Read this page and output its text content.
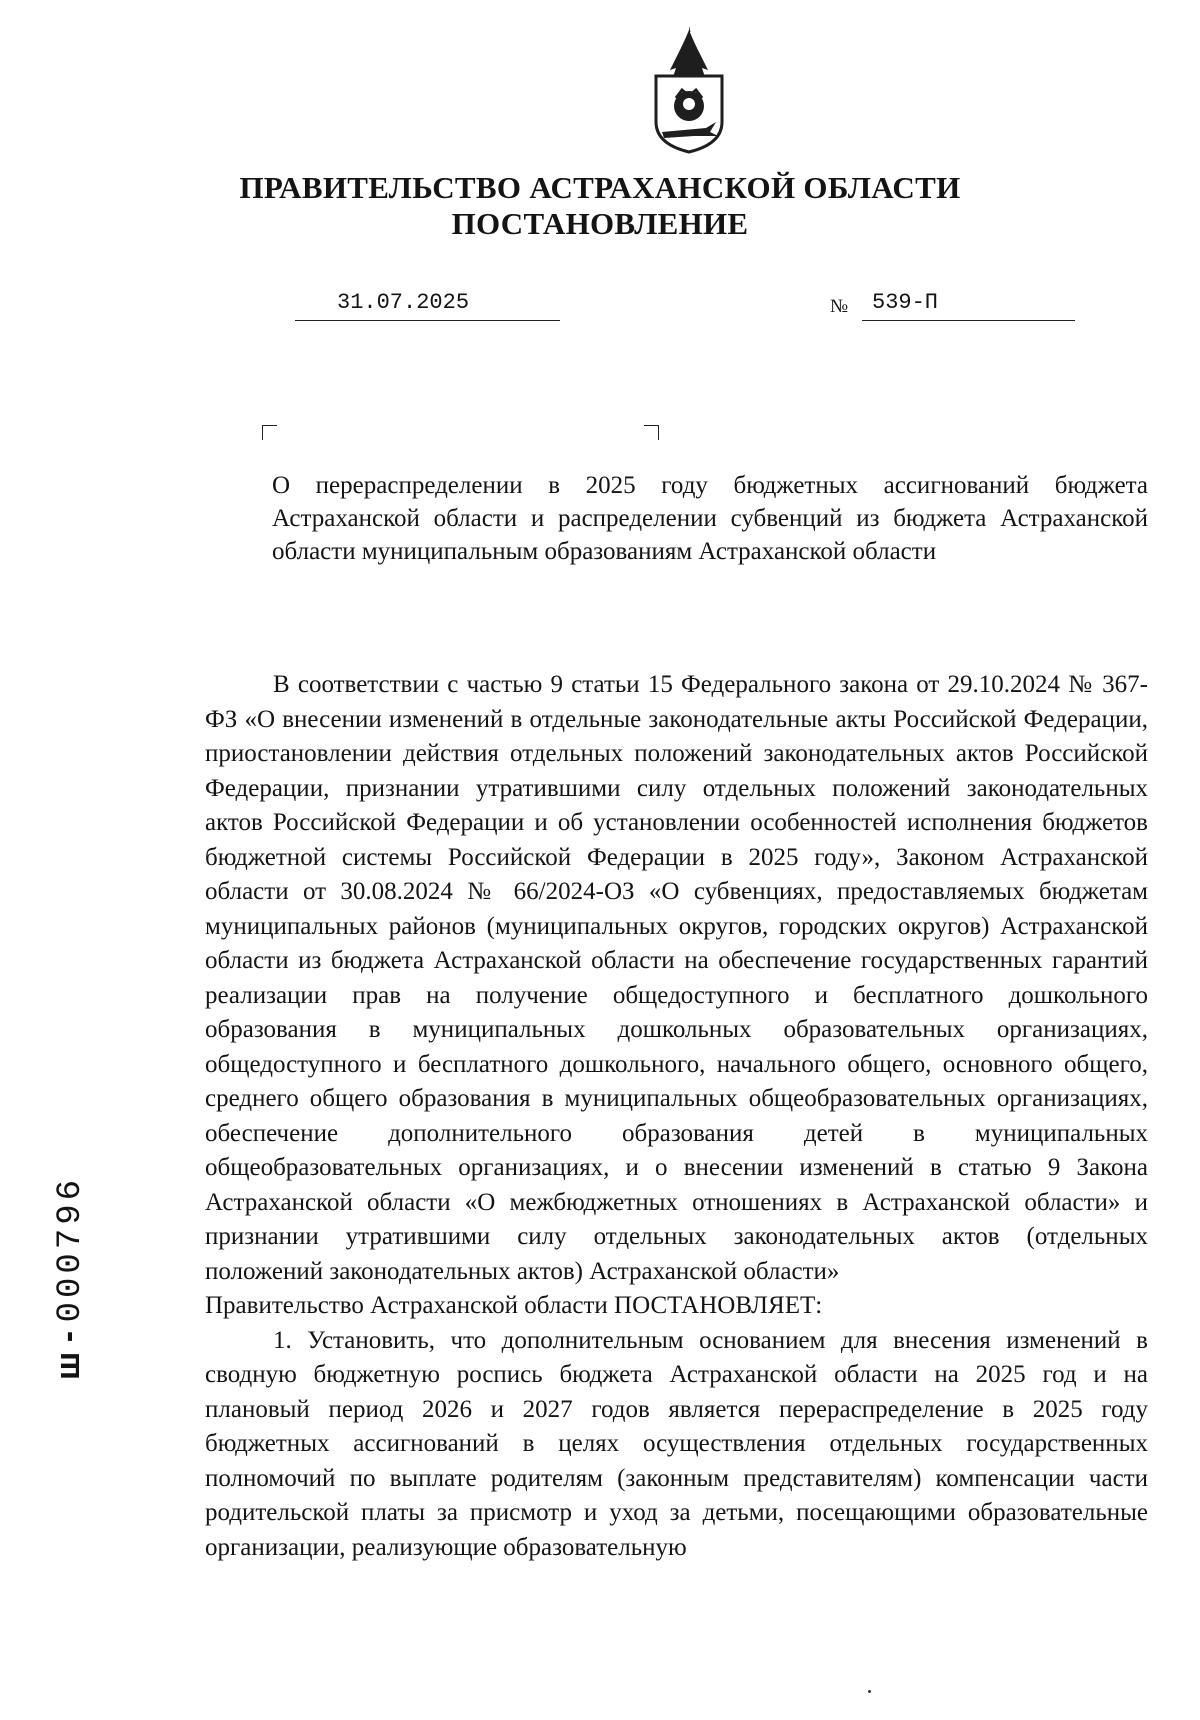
ПРАВИТЕЛЬСТВО АСТРАХАНСКОЙ ОБЛАСТИ
ПОСТАНОВЛЕНИЕ
31.07.2025	№ 539-П
О перераспределении в 2025 году бюджетных ассигнований бюджета Астраханской области и распределении субвенций из бюджета Астраханской области муниципальным образованиям Астраханской области

В соответствии с частью 9 статьи 15 Федерального закона от 29.10.2024 № 367-ФЗ «О внесении изменений в отдельные законодательные акты Российской Федерации, приостановлении действия отдельных положений законодательных актов Российской Федерации, признании утратившими силу отдельных положений законодательных актов Российской Федерации и об установлении особенностей исполнения бюджетов бюджетной системы Российской Федерации в 2025 году», Законом Астраханской области от 30.08.2024 № 66/2024-ОЗ «О субвенциях, предоставляемых бюджетам муниципальных районов (муниципальных округов, городских округов) Астраханской области из бюджета Астраханской области на обеспечение государственных гарантий реализации прав на получение общедоступного и бесплатного дошкольного образования в муниципальных дошкольных образовательных организациях, общедоступного и бесплатного дошкольного, начального общего, основного общего, среднего общего образования в муниципальных общеобразовательных организациях, обеспечение дополнительного образования детей в муниципальных общеобразовательных организациях, и о внесении изменений в статью 9 Закона Астраханской области «О межбюджетных отношениях в Астраханской области» и признании утратившими силу отдельных законодательных актов (отдельных положений законодательных актов) Астраханской области»

Правительство Астраханской области ПОСТАНОВЛЯЕТ:

1. Установить, что дополнительным основанием для внесения изменений в сводную бюджетную роспись бюджета Астраханской области на 2025 год и на плановый период 2026 и 2027 годов является перераспределение в 2025 году бюджетных ассигнований в целях осуществления отдельных государственных полномочий по выплате родителям (законным представителям) компенсации части родительской платы за присмотр и уход за детьми, посещающими образовательные организации, реализующие образовательную

ш - 000796
